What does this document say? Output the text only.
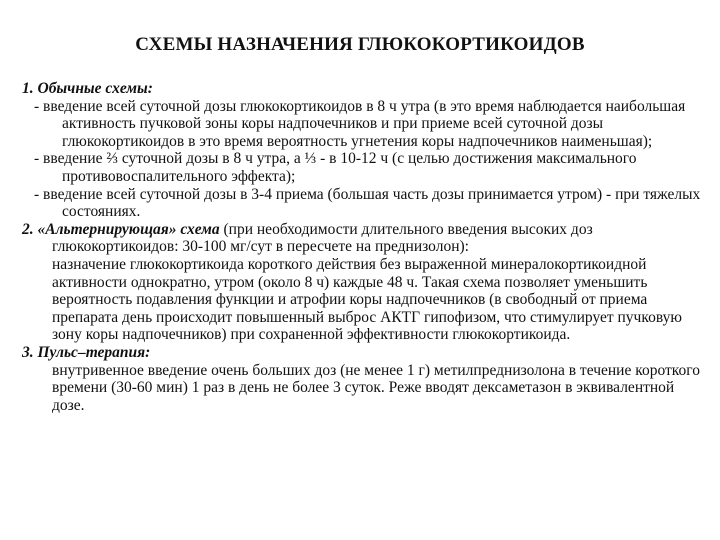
СХЕМЫ НАЗНАЧЕНИЯ ГЛЮКОКОРТИКОИДОВ
1. Обычные схемы:
- введение всей суточной дозы глюкокортикоидов в 8 ч утра (в это время наблюдается наибольшая активность пучковой зоны коры надпочечников и при приеме всей суточной дозы глюкокортикоидов в это время вероятность угнетения коры надпочечников наименьшая);
- введение ⅔ суточной дозы в 8 ч утра, а ⅓ - в 10-12 ч (с целью достижения максимального противовоспалительного эффекта);
- введение всей суточной дозы в 3-4 приема (большая часть дозы принимается утром) - при тяжелых состояниях.
2. «Альтернирующая» схема (при необходимости длительного введения высоких доз глюкокортикоидов: 30-100 мг/сут в пересчете на преднизолон):
назначение глюкокортикоида короткого действия без выраженной минералокортикоидной активности однократно, утром (около 8 ч) каждые 48 ч. Такая схема позволяет уменьшить вероятность подавления функции и атрофии коры надпочечников (в свободный от приема препарата день происходит повышенный выброс АКТГ гипофизом, что стимулирует пучковую зону коры надпочечников) при сохраненной эффективности глюкокортикоида.
3. Пульс–терапия:
внутривенное введение очень больших доз (не менее 1 г) метилпреднизолона в течение короткого времени (30-60 мин) 1 раз в день не более 3 суток. Реже вводят дексаметазон в эквивалентной дозе.
